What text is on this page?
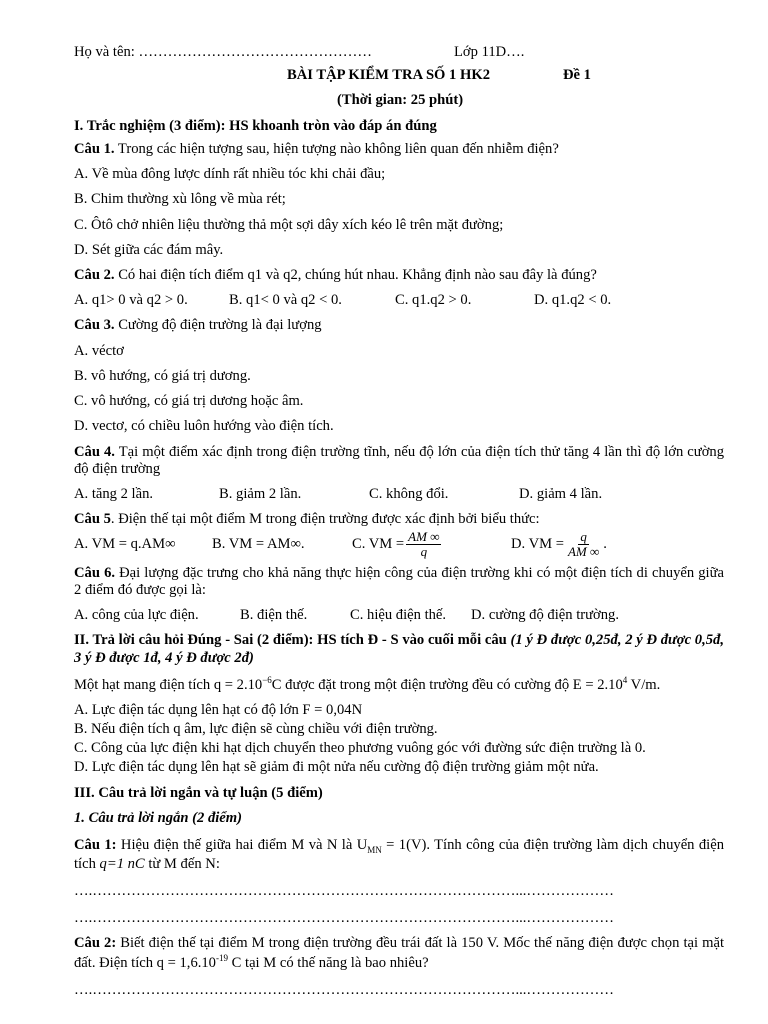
Họ và tên: …………………………………………	Lớp 11D….
BÀI TẬP KIỂM TRA SỐ 1 HK2	Đề 1

(Thời gian: 25 phút)

I. Trắc nghiệm (3 điểm): HS khoanh tròn vào đáp án đúng

Câu 1. Trong các hiện tượng sau, hiện tượng nào không liên quan đến nhiễm điện?

A. Về mùa đông lược dính rất nhiều tóc khi chải đầu;

B. Chim thường xù lông về mùa rét;

C. Ôtô chở nhiên liệu thường thả một sợi dây xích kéo lê trên mặt đường;

D. Sét giữa các đám mây.

Câu 2. Có hai điện tích điểm q1 và q2, chúng hút nhau. Khẳng định nào sau đây là đúng?

A. q1> 0 và q2 > 0.	B. q1< 0 và q2 < 0.	C. q1.q2 > 0.	D. q1.q2 < 0.

Câu 3. Cường độ điện trường là đại lượng

A. véctơ

B. vô hướng, có giá trị dương.

C. vô hướng, có giá trị dương hoặc âm.

D. vectơ, có chiều luôn hướng vào điện tích.

Câu 4. Tại một điểm xác định trong điện trường tĩnh, nếu độ lớn của điện tích thử tăng 4 lần thì độ lớn cường độ điện trường

A. tăng 2 lần.	B. giảm 2 lần.	C. không đổi.	D. giảm 4 lần.

Câu 5. Điện thế tại một điểm M trong điện trường được xác định bởi biểu thức:

A. VM = q.AM∞	B. VM = AM∞.	C. VM = $\frac{AM \infty}{q}$	D. VM = $\frac{q}{AM \infty}$ .

Câu 6. Đại lượng đặc trưng cho khả năng thực hiện công của điện trường khi có một điện tích di chuyển giữa 2 điểm đó được gọi là:

A. công của lực điện.	B. điện thế.	C. hiệu điện thế.	D. cường độ điện trường.

II. Trả lời câu hỏi Đúng - Sai (2 điểm): HS tích Đ - S vào cuối mỗi câu (1 ý Đ được 0,25đ, 2 ý Đ được 0,5đ, 3 ý Đ được 1đ, 4 ý Đ được 2đ)

Một hạt mang điện tích $q = 2.10^{-6}C$ được đặt trong một điện trường đều có cường độ $E = 2.10^4$ V/m.

A. Lực điện tác dụng lên hạt có độ lớn F = 0,04N

B. Nếu điện tích q âm, lực điện sẽ cùng chiều với điện trường.

C. Công của lực điện khi hạt dịch chuyển theo phương vuông góc với đường sức điện trường là 0.

D. Lực điện tác dụng lên hạt sẽ giảm đi một nửa nếu cường độ điện trường giảm một nửa.

III. Câu trả lời ngắn và tự luận (5 điểm)

1. Câu trả lời ngắn (2 điểm)

Câu 1: Hiệu điện thế giữa hai điểm M và N là $U_{MN} = 1(V)$. Tính công của điện trường làm dịch chuyển điện tích q=1 nC từ M đến N:

….……………………………………………………………………………...………………

….……………………………………………………………………………...………………

Câu 2: Biết điện thế tại điểm M trong điện trường đều trái đất là 150 V. Mốc thế năng điện được chọn tại mặt đất. Điện tích $q = 1,6.10^{-19}$ C tại M có thế năng là bao nhiêu?

….……………………………………………………………………………...………………
